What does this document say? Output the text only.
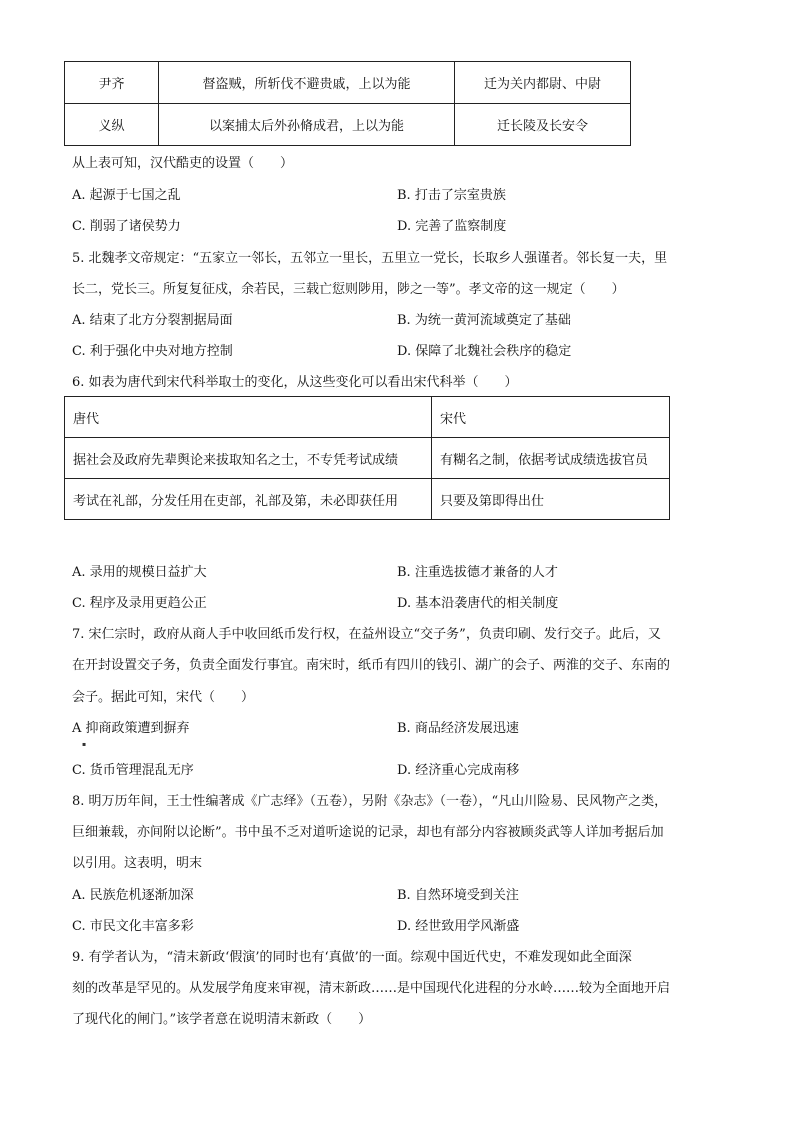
尹齐	督盗贼，所斩伐不避贵戚，上以为能	迁为关内都尉、中尉
义纵	以案捕太后外孙脩成君，上以为能	迁长陵及长安令
从上表可知，汉代酷吏的设置（　　）
A. 起源于七国之乱	B. 打击了宗室贵族
C. 削弱了诸侯势力	D. 完善了监察制度
5. 北魏孝文帝规定：“五家立一邻长，五邻立一里长，五里立一党长，长取乡人强谨者。邻长复一夫，里
长二，党长三。所复复征戍，余若民，三载亡愆则陟用，陟之一等”。孝文帝的这一规定（　　）
A. 结束了北方分裂割据局面	B. 为统一黄河流域奠定了基础
C. 利于强化中央对地方控制	D. 保障了北魏社会秩序的稳定
6. 如表为唐代到宋代科举取士的变化，从这些变化可以看出宋代科举（　　）
唐代	宋代
据社会及政府先辈舆论来拔取知名之士，不专凭考试成绩	有糊名之制，依据考试成绩选拔官员
考试在礼部，分发任用在吏部，礼部及第，未必即获任用	只要及第即得出仕
A. 录用的规模日益扩大	B. 注重选拔德才兼备的人才
C. 程序及录用更趋公正	D. 基本沿袭唐代的相关制度
7. 宋仁宗时，政府从商人手中收回纸币发行权，在益州设立“交子务”，负责印刷、发行交子。此后，又
在开封设置交子务，负责全面发行事宜。南宋时，纸币有四川的钱引、湖广的会子、两淮的交子、东南的
会子。据此可知，宋代（　　）
A 抑商政策遭到摒弃	B. 商品经济发展迅速
▪
C. 货币管理混乱无序	D. 经济重心完成南移
8. 明万历年间，王士性编著成《广志绎》（五卷），另附《杂志》（一卷），“凡山川险易、民风物产之类，
巨细兼载，亦间附以论断”。书中虽不乏对道听途说的记录，却也有部分内容被顾炎武等人详加考据后加
以引用。这表明，明末
A. 民族危机逐渐加深	B. 自然环境受到关注
C. 市民文化丰富多彩	D. 经世致用学风渐盛
9. 有学者认为，“清末新政‘假演’的同时也有‘真做’的一面。综观中国近代史，不难发现如此全面深
刻的改革是罕见的。从发展学角度来审视，清末新政……是中国现代化进程的分水岭……较为全面地开启
了现代化的闸门。”该学者意在说明清末新政（　　）
